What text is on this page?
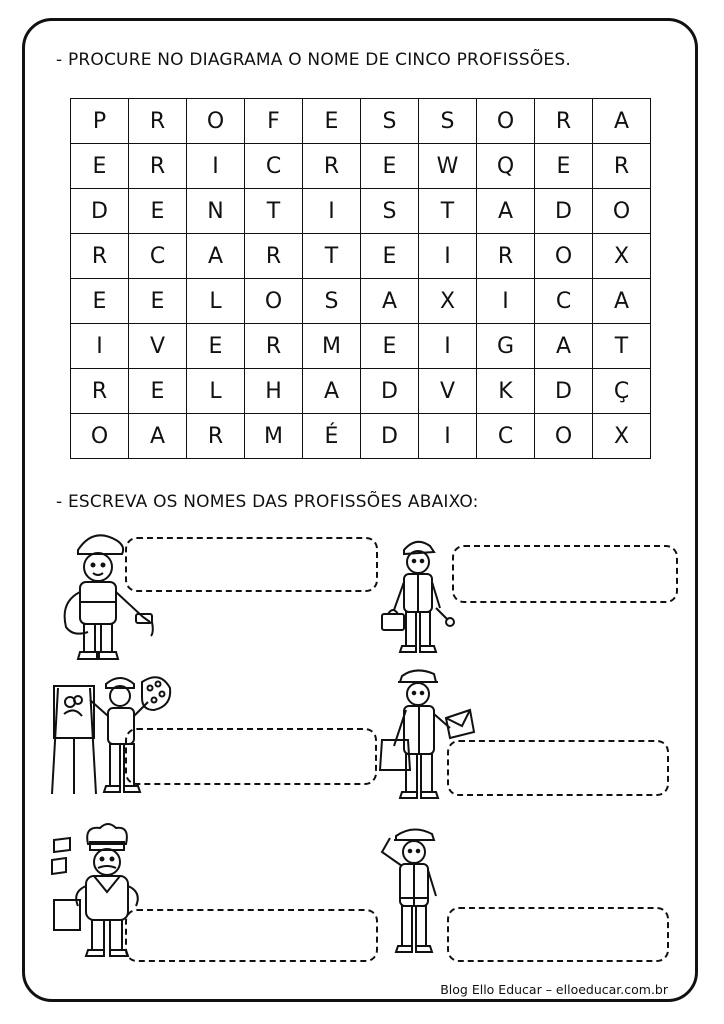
- PROCURE NO DIAGRAMA O NOME DE CINCO PROFISSÕES.
P	R	O	F	E	S	S	O	R	A
E	R	I	C	R	E	W	Q	E	R
D	E	N	T	I	S	T	A	D	O
R	C	A	R	T	E	I	R	O	X
E	E	L	O	S	A	X	I	C	A
I	V	E	R	M	E	I	G	A	T
R	E	L	H	A	D	V	K	D	Ç
O	A	R	M	É	D	I	C	O	X
- ESCREVA OS NOMES DAS PROFISSÕES ABAIXO:
Blog Ello Educar – elloeducar.com.br
